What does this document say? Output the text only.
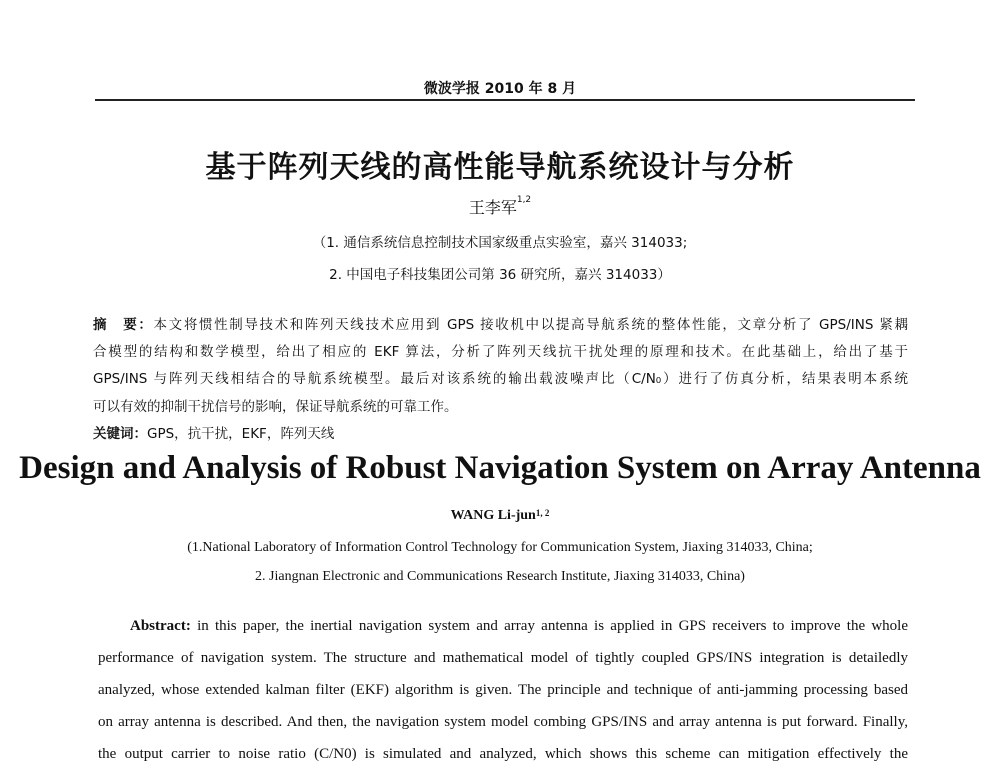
微波学报 2010 年 8 月
基于阵列天线的高性能导航系统设计与分析
王李军$^{1,2}$
（1. 通信系统信息控制技术国家级重点实验室，嘉兴 314033;
2. 中国电子科技集团公司第 36 研究所，嘉兴 314033）
摘　要：本文将惯性制导技术和阵列天线技术应用到 GPS 接收机中以提高导航系统的整体性能，文章分析了 GPS/INS 紧耦
合模型的结构和数学模型，给出了相应的 EKF 算法，分析了阵列天线抗干扰处理的原理和技术。在此基础上，给出了基于
GPS/INS 与阵列天线相结合的导航系统模型。最后对该系统的输出载波噪声比（C/N₀）进行了仿真分析，结果表明本系统
可以有效的抑制干扰信号的影响，保证导航系统的可靠工作。
关键词：GPS，抗干扰，EKF，阵列天线
Design and Analysis of Robust Navigation System on Array Antenna
WANG Li-jun$^{1, 2}$
(1.National Laboratory of Information Control Technology for Communication System, Jiaxing 314033, China;
2. Jiangnan Electronic and Communications Research Institute, Jiaxing 314033, China)
Abstract: in this paper, the inertial navigation system and array antenna is applied in GPS receivers to improve the whole
performance of navigation system. The structure and mathematical model of tightly coupled GPS/INS integration is detailedly
analyzed, whose extended kalman filter (EKF) algorithm is given. The principle and technique of anti-jamming processing based
on array antenna is described. And then, the navigation system model combing GPS/INS and array antenna is put forward. Finally,
the output carrier to noise ratio (C/N0) is simulated and analyzed, which shows this scheme can mitigation effectively the
